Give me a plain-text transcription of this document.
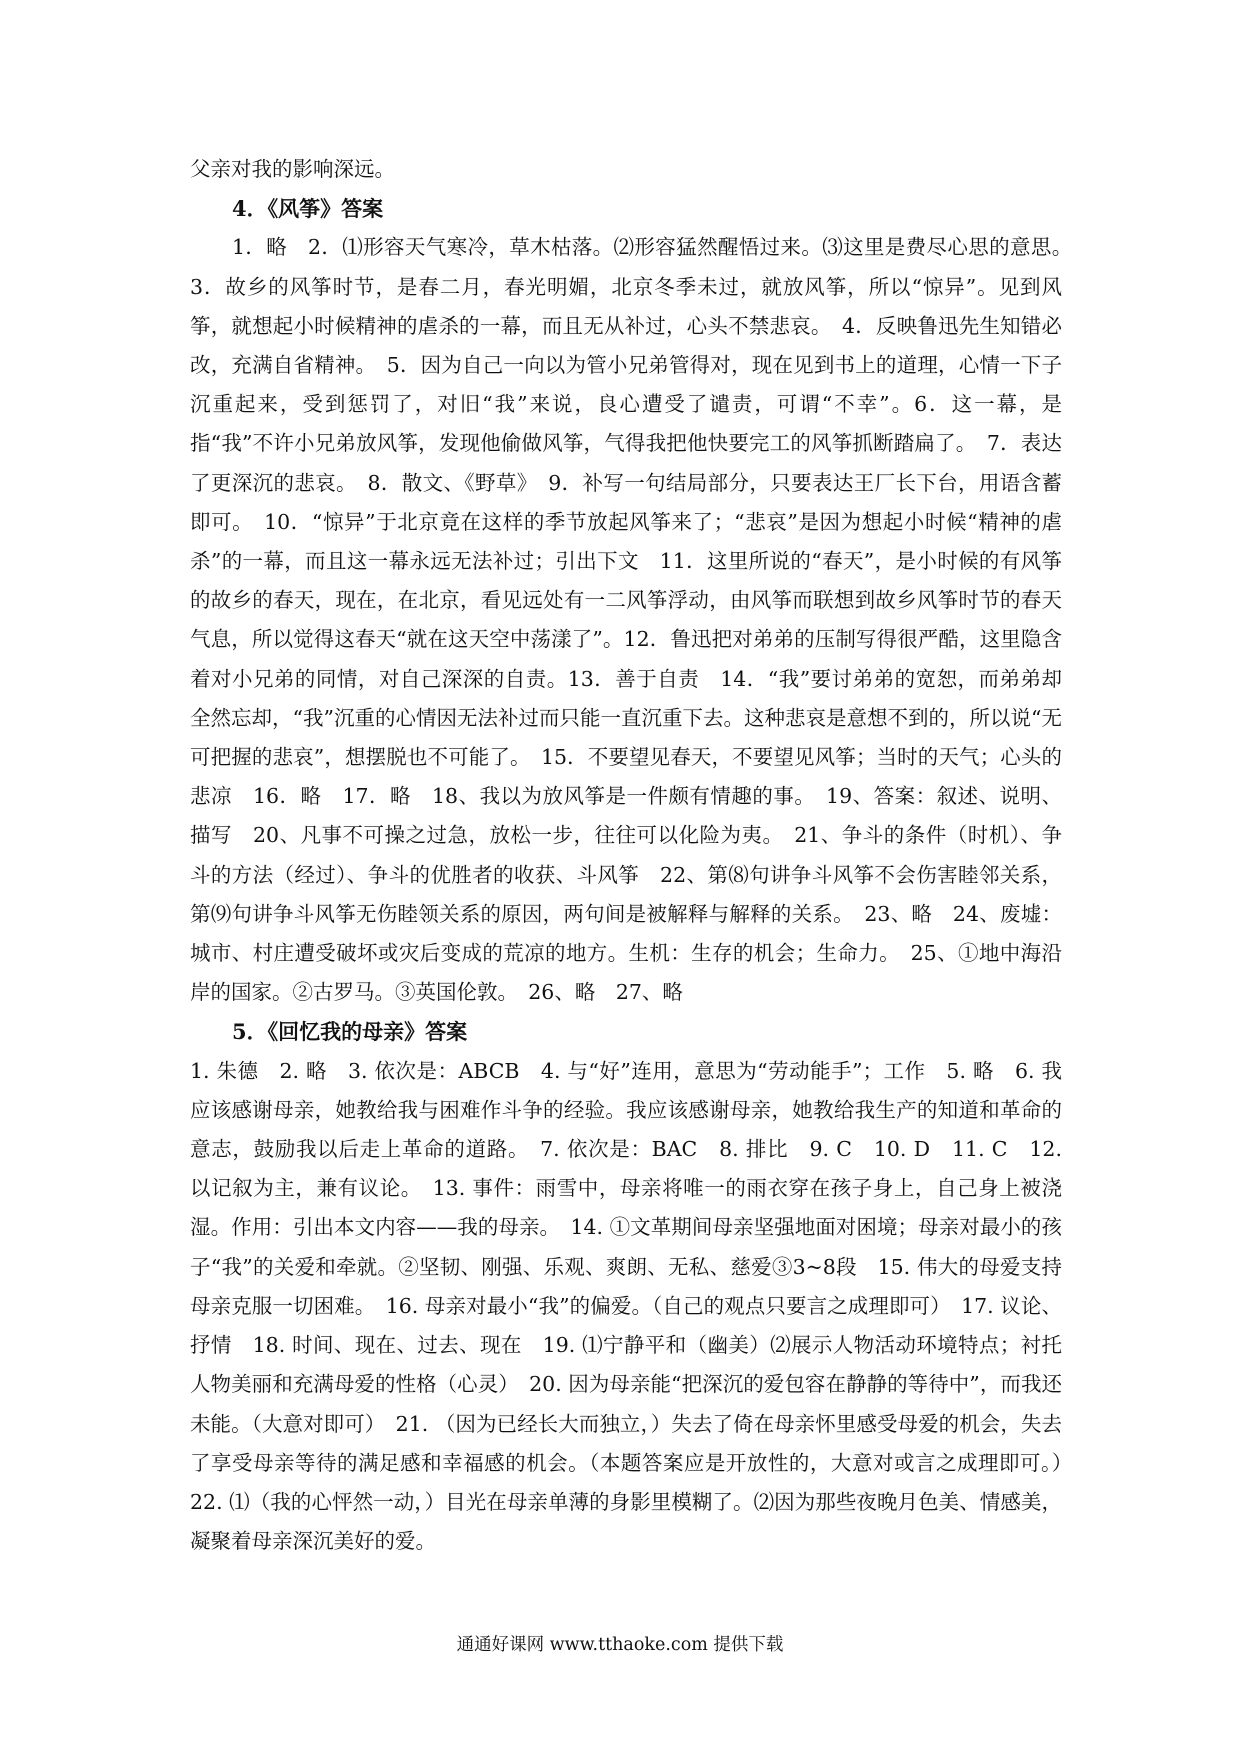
父亲对我的影响深远。

4．《风筝》答案

1．略　2．⑴形容天气寒冷，草木枯落。⑵形容猛然醒悟过来。⑶这里是费尽心思的意思。　3．故乡的风筝时节，是春二月，春光明媚，北京冬季未过，就放风筝，所以“惊异”。见到风筝，就想起小时候精神的虐杀的一幕，而且无从补过，心头不禁悲哀。　4．反映鲁迅先生知错必改，充满自省精神。　5．因为自己一向以为管小兄弟管得对，现在见到书上的道理，心情一下子沉重起来，受到惩罚了，对旧“我”来说，良心遭受了谴责，可谓“不幸”。6．这一幕，是指“我”不许小兄弟放风筝，发现他偷做风筝，气得我把他快要完工的风筝抓断踏扁了。　7．表达了更深沉的悲哀。　8．散文、《野草》　9．补写一句结局部分，只要表达王厂长下台，用语含蓄即可。　10．“惊异”于北京竟在这样的季节放起风筝来了；“悲哀”是因为想起小时候“精神的虐杀”的一幕，而且这一幕永远无法补过；引出下文　11．这里所说的“春天”，是小时候的有风筝的故乡的春天，现在，在北京，看见远处有一二风筝浮动，由风筝而联想到故乡风筝时节的春天气息，所以觉得这春天“就在这天空中荡漾了”。12．鲁迅把对弟弟的压制写得很严酷，这里隐含着对小兄弟的同情，对自己深深的自责。13．善于自责　14．“我”要讨弟弟的宽恕，而弟弟却全然忘却，“我”沉重的心情因无法补过而只能一直沉重下去。这种悲哀是意想不到的，所以说“无可把握的悲哀”，想摆脱也不可能了。　15．不要望见春天，不要望见风筝；当时的天气；心头的悲凉　16．略　17．略　18、我以为放风筝是一件颇有情趣的事。　19、答案：叙述、说明、描写　20、凡事不可操之过急，放松一步，往往可以化险为夷。　21、争斗的条件（时机）、争斗的方法（经过）、争斗的优胜者的收获、斗风筝　22、第⑻句讲争斗风筝不会伤害睦邻关系，第⑼句讲争斗风筝无伤睦领关系的原因，两句间是被解释与解释的关系。　23、略　24、废墟：城市、村庄遭受破坏或灾后变成的荒凉的地方。生机：生存的机会；生命力。　25、①地中海沿岸的国家。②古罗马。③英国伦敦。　26、略　27、略

5．《回忆我的母亲》答案

1. 朱德　2. 略　3. 依次是：ABCB　4. 与“好”连用，意思为“劳动能手”；工作　5. 略　6. 我应该感谢母亲，她教给我与困难作斗争的经验。我应该感谢母亲，她教给我生产的知道和革命的意志，鼓励我以后走上革命的道路。　7. 依次是：BAC　8. 排比　9. C　10. D　11. C　12. 以记叙为主，兼有议论。　13. 事件：雨雪中，母亲将唯一的雨衣穿在孩子身上，自己身上被浇湿。作用：引出本文内容——我的母亲。　14. ①文革期间母亲坚强地面对困境；母亲对最小的孩子“我”的关爱和牵就。②坚韧、刚强、乐观、爽朗、无私、慈爱③3~8段　15. 伟大的母爱支持母亲克服一切困难。　16. 母亲对最小“我”的偏爱。（自己的观点只要言之成理即可）　17. 议论、抒情　18. 时间、现在、过去、现在　19. ⑴宁静平和（幽美）⑵展示人物活动环境特点；衬托人物美丽和充满母爱的性格（心灵）　20. 因为母亲能“把深沉的爱包容在静静的等待中”，而我还未能。（大意对即可）　21. （因为已经长大而独立，）失去了倚在母亲怀里感受母爱的机会，失去了享受母亲等待的满足感和幸福感的机会。（本题答案应是开放性的，大意对或言之成理即可。）　22. ⑴（我的心怦然一动，）目光在母亲单薄的身影里模糊了。⑵因为那些夜晚月色美、情感美，凝聚着母亲深沉美好的爱。

通通好课网 www.tthaoke.com 提供下载
